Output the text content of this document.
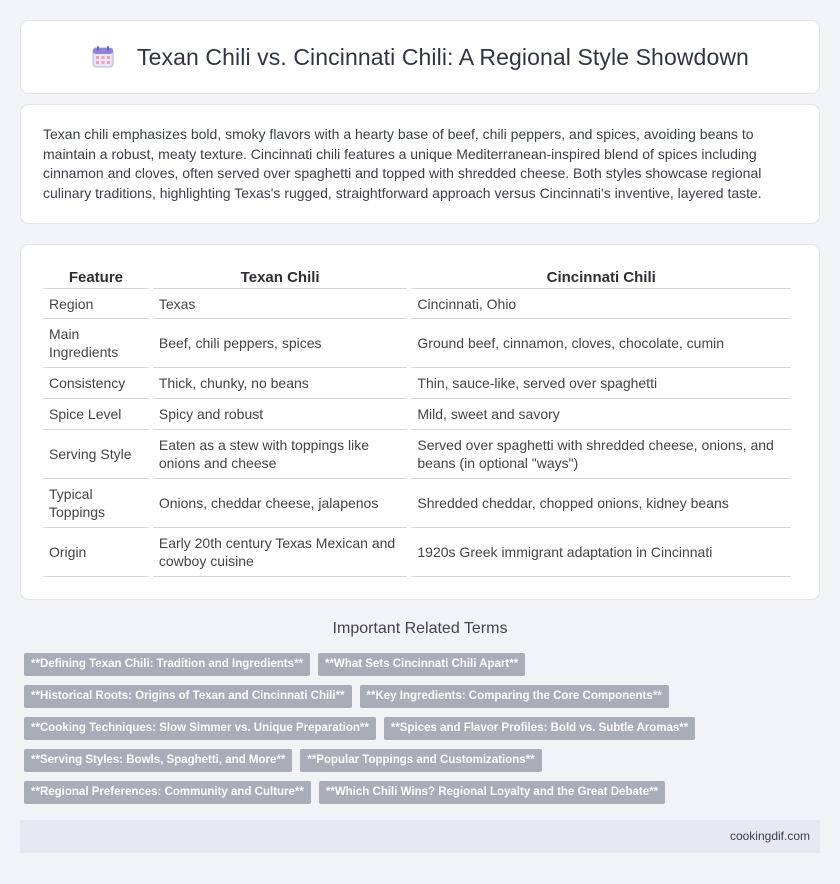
Texan Chili vs. Cincinnati Chili: A Regional Style Showdown

Texan chili emphasizes bold, smoky flavors with a hearty base of beef, chili peppers, and spices, avoiding beans to maintain a robust, meaty texture. Cincinnati chili features a unique Mediterranean-inspired blend of spices including cinnamon and cloves, often served over spaghetti and topped with shredded cheese. Both styles showcase regional culinary traditions, highlighting Texas's rugged, straightforward approach versus Cincinnati's inventive, layered taste.

Feature	Texan Chili	Cincinnati Chili
Region	Texas	Cincinnati, Ohio
Main Ingredients	Beef, chili peppers, spices	Ground beef, cinnamon, cloves, chocolate, cumin
Consistency	Thick, chunky, no beans	Thin, sauce-like, served over spaghetti
Spice Level	Spicy and robust	Mild, sweet and savory
Serving Style	Eaten as a stew with toppings like onions and cheese	Served over spaghetti with shredded cheese, onions, and beans (in optional "ways")
Typical Toppings	Onions, cheddar cheese, jalapenos	Shredded cheddar, chopped onions, kidney beans
Origin	Early 20th century Texas Mexican and cowboy cuisine	1920s Greek immigrant adaptation in Cincinnati
Important Related Terms
**Defining Texan Chili: Tradition and Ingredients**	**What Sets Cincinnati Chili Apart**
**Historical Roots: Origins of Texan and Cincinnati Chili**	**Key Ingredients: Comparing the Core Components**
**Cooking Techniques: Slow Simmer vs. Unique Preparation**	**Spices and Flavor Profiles: Bold vs. Subtle Aromas**
**Serving Styles: Bowls, Spaghetti, and More**	**Popular Toppings and Customizations**
**Regional Preferences: Community and Culture**	**Which Chili Wins? Regional Loyalty and the Great Debate**
cookingdif.com
